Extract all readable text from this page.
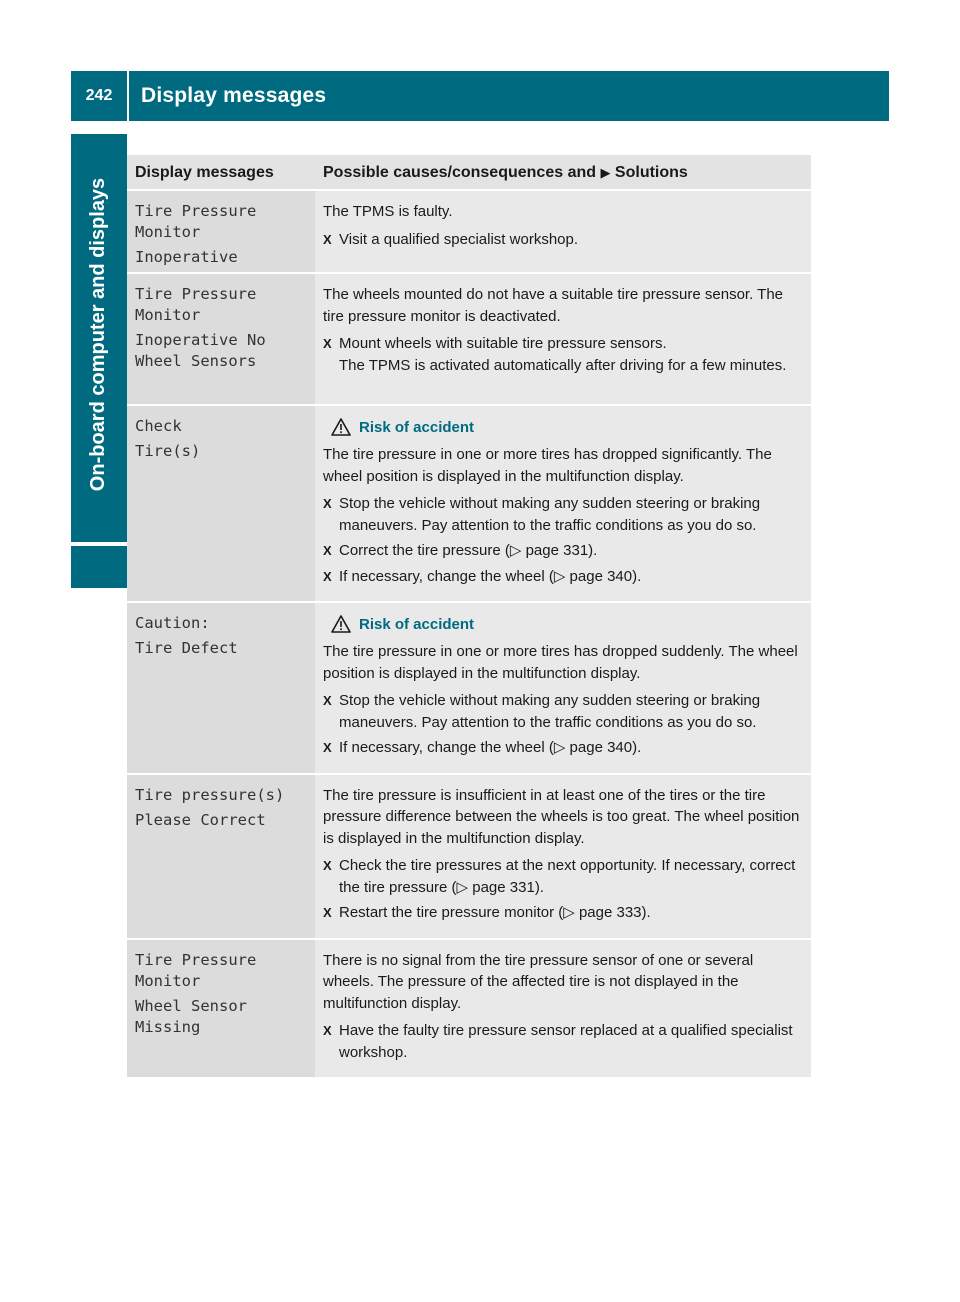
242	Display messages
On-board computer and displays
Display messages	Possible causes/consequences and ▶ Solutions
Tire Pressure
Monitor
Inoperative

The TPMS is faulty.

X Visit a qualified specialist workshop.
Tire Pressure
Monitor
Inoperative No
Wheel Sensors

The wheels mounted do not have a suitable tire pressure sensor. The tire pressure monitor is deactivated.

X Mount wheels with suitable tire pressure sensors.
The TPMS is activated automatically after driving for a few minutes.
Check
Tire(s)
Risk of accident

The tire pressure in one or more tires has dropped significantly. The wheel position is displayed in the multifunction display.

X Stop the vehicle without making any sudden steering or braking maneuvers. Pay attention to the traffic conditions as you do so.
X Correct the tire pressure (▷ page 331).
X If necessary, change the wheel (▷ page 340).
Caution:
Tire Defect
Risk of accident

The tire pressure in one or more tires has dropped suddenly. The wheel position is displayed in the multifunction display.

X Stop the vehicle without making any sudden steering or braking maneuvers. Pay attention to the traffic conditions as you do so.
X If necessary, change the wheel (▷ page 340).
Tire pressure(s)
Please Correct

The tire pressure is insufficient in at least one of the tires or the tire pressure difference between the wheels is too great. The wheel position is displayed in the multifunction display.

X Check the tire pressures at the next opportunity. If necessary, correct the tire pressure (▷ page 331).
X Restart the tire pressure monitor (▷ page 333).
Tire Pressure
Monitor
Wheel Sensor
Missing

There is no signal from the tire pressure sensor of one or several wheels. The pressure of the affected tire is not displayed in the multifunction display.

X Have the faulty tire pressure sensor replaced at a qualified specialist workshop.
